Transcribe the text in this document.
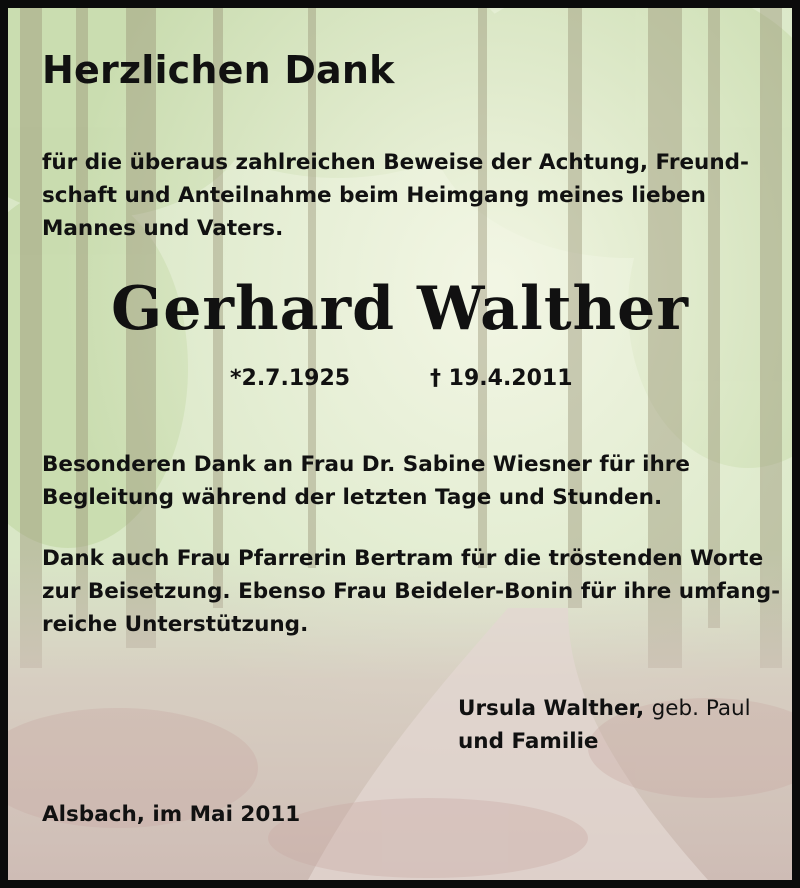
Herzlichen Dank
für die überaus zahlreichen Beweise der Achtung, Freund-
schaft und Anteilnahme beim Heimgang meines lieben
Mannes und Vaters.
Gerhard Walther
*2.7.1925	† 19.4.2011
Besonderen Dank an Frau Dr. Sabine Wiesner für ihre
Begleitung während der letzten Tage und Stunden.
Dank auch Frau Pfarrerin Bertram für die tröstenden Worte
zur Beisetzung. Ebenso Frau Beideler-Bonin für ihre umfang-
reiche Unterstützung.
Ursula Walther, geb. Paul
und Familie
Alsbach, im Mai 2011
